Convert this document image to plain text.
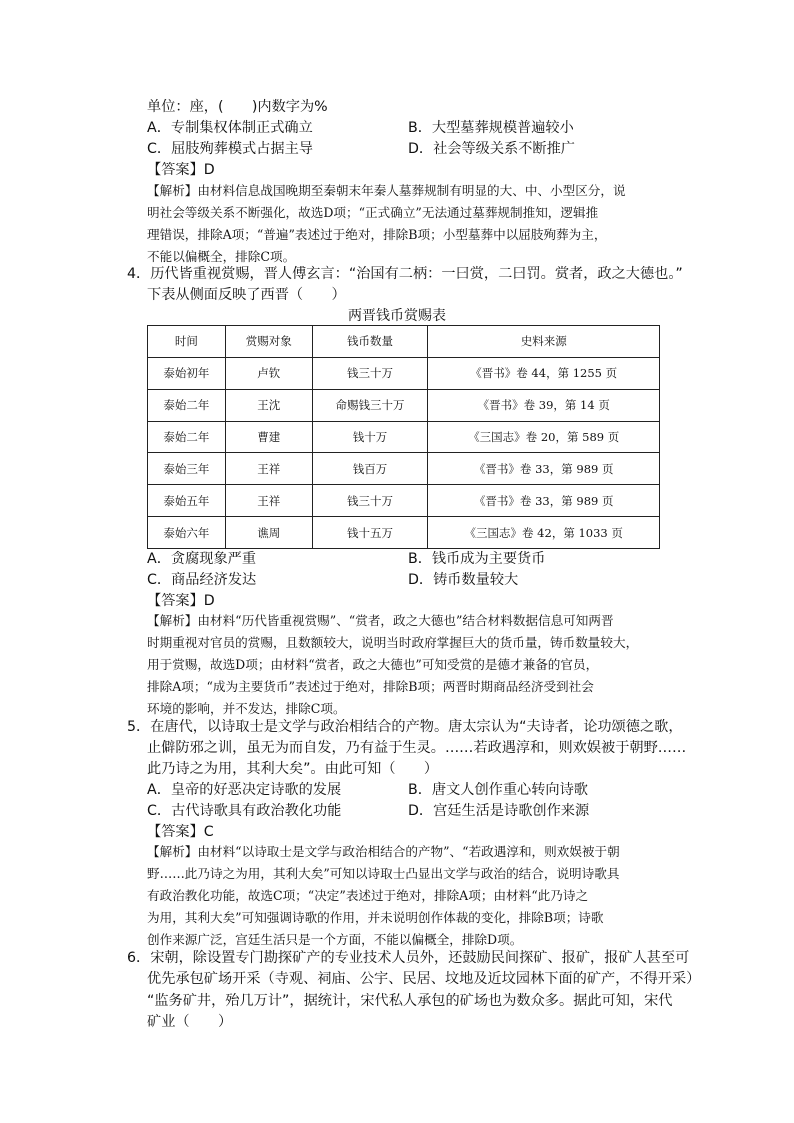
单位：座，(　　)内数字为%
A．专制集权体制正式确立	B．大型墓葬规模普遍较小
C．屈肢殉葬模式占据主导	D．社会等级关系不断推广
【答案】D
【解析】由材料信息战国晚期至秦朝末年秦人墓葬规制有明显的大、中、小型区分，说
明社会等级关系不断强化，故选D项；“正式确立”无法通过墓葬规制推知，逻辑推
理错误，排除A项；“普遍”表述过于绝对，排除B项；小型墓葬中以屈肢殉葬为主，
不能以偏概全，排除C项。
4．历代皆重视赏赐，晋人傅玄言：“治国有二柄：一曰赏，二曰罚。赏者，政之大德也。”
下表从侧面反映了西晋（　　）
两晋钱币赏赐表
时间	赏赐对象	钱币数量	史料来源
泰始初年	卢钦	钱三十万	《晋书》卷 44，第 1255 页
泰始二年	王沈	命赐钱三十万	《晋书》卷 39，第 14 页
泰始二年	曹建	钱十万	《三国志》卷 20，第 589 页
泰始三年	王祥	钱百万	《晋书》卷 33，第 989 页
泰始五年	王祥	钱三十万	《晋书》卷 33，第 989 页
泰始六年	谯周	钱十五万	《三国志》卷 42，第 1033 页
A．贪腐现象严重	B．钱币成为主要货币
C．商品经济发达	D．铸币数量较大
【答案】D
【解析】由材料“历代皆重视赏赐”、“赏者，政之大德也”结合材料数据信息可知两晋
时期重视对官员的赏赐，且数额较大，说明当时政府掌握巨大的货币量，铸币数量较大，
用于赏赐，故选D项；由材料“赏者，政之大德也”可知受赏的是德才兼备的官员，
排除A项；“成为主要货币”表述过于绝对，排除B项；两晋时期商品经济受到社会
环境的影响，并不发达，排除C项。
5．在唐代，以诗取士是文学与政治相结合的产物。唐太宗认为“夫诗者，论功颂德之歌，
止僻防邪之训，虽无为而自发，乃有益于生灵。……若政遇淳和，则欢娱被于朝野……
此乃诗之为用，其利大矣”。由此可知（　　）
A．皇帝的好恶决定诗歌的发展	B．唐文人创作重心转向诗歌
C．古代诗歌具有政治教化功能	D．宫廷生活是诗歌创作来源
【答案】C
【解析】由材料“以诗取士是文学与政治相结合的产物”、“若政遇淳和，则欢娱被于朝
野……此乃诗之为用，其利大矣”可知以诗取士凸显出文学与政治的结合，说明诗歌具
有政治教化功能，故选C项；“决定”表述过于绝对，排除A项；由材料“此乃诗之
为用，其利大矣”可知强调诗歌的作用，并未说明创作体裁的变化，排除B项；诗歌
创作来源广泛，宫廷生活只是一个方面，不能以偏概全，排除D项。
6．宋朝，除设置专门勘探矿产的专业技术人员外，还鼓励民间探矿、报矿，报矿人甚至可
优先承包矿场开采（寺观、祠庙、公宇、民居、坟地及近坟园林下面的矿产，不得开采）
“监务矿井，殆几万计”，据统计，宋代私人承包的矿场也为数众多。据此可知，宋代
矿业（　　）
